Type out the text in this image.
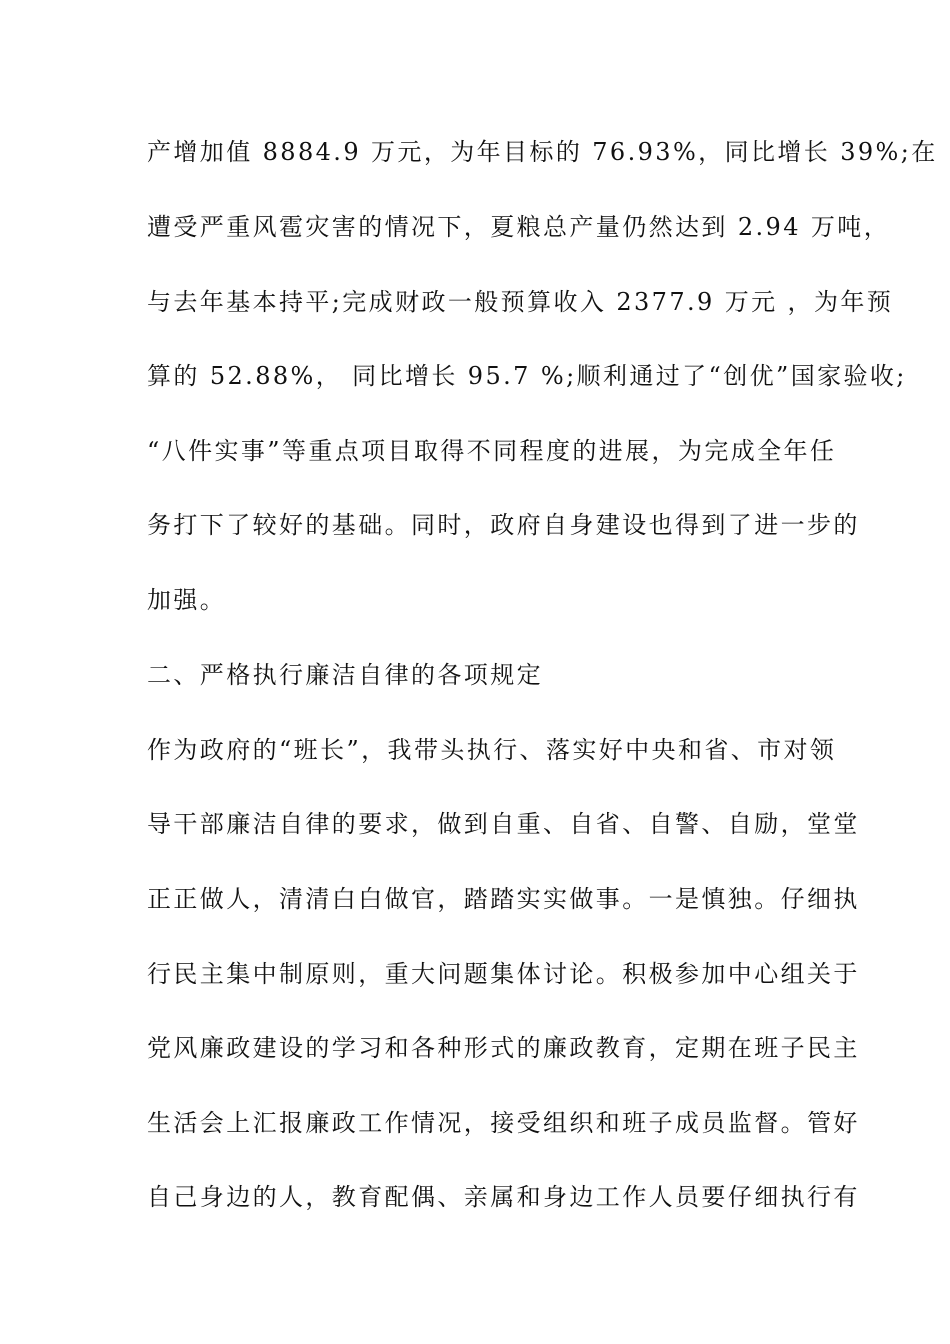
产增加值 8884.9 万元，为年目标的 76.93%，同比增长 39%;在
遭受严重风雹灾害的情况下，夏粮总产量仍然达到 2.94 万吨，
与去年基本持平;完成财政一般预算收入 2377.9 万元 ，为年预
算的 52.88%， 同比增长 95.7 %;顺利通过了“创优”国家验收;
“八件实事”等重点项目取得不同程度的进展，为完成全年任
务打下了较好的基础。同时，政府自身建设也得到了进一步的
加强。
二、严格执行廉洁自律的各项规定
作为政府的“班长”，我带头执行、落实好中央和省、市对领
导干部廉洁自律的要求，做到自重、自省、自警、自励，堂堂
正正做人，清清白白做官，踏踏实实做事。一是慎独。仔细执
行民主集中制原则，重大问题集体讨论。积极参加中心组关于
党风廉政建设的学习和各种形式的廉政教育，定期在班子民主
生活会上汇报廉政工作情况，接受组织和班子成员监督。管好
自己身边的人，教育配偶、亲属和身边工作人员要仔细执行有
